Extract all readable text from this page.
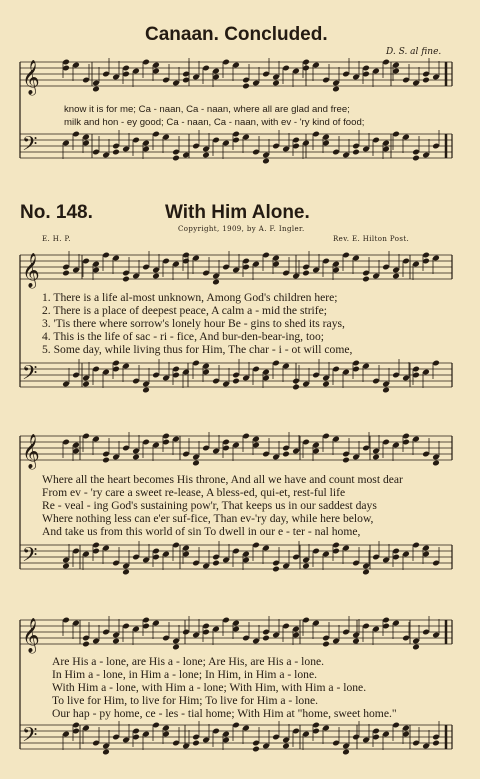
𝄞
𝄢
𝄞
𝄢
𝄞
𝄢
𝄞
𝄢
Canaan. Concluded.
D. S. al fine.
know it is for me; Ca - naan, Ca - naan, where all are glad and free;
milk and hon - ey good; Ca - naan, Ca - naan, with ev - 'ry kind of food;
No. 148.	With Him Alone.
Copyright, 1909, by A. F. Ingler.
E. H. P.	Rev. E. Hilton Post.
1. There is a life al-most unknown, Among God's children here;
2. There is a place of deepest peace, A calm a - mid the strife;
3. 'Tis there where sorrow's lonely hour Be - gins to shed its rays,
4. This is the life of sac - ri - fice, And bur-den-bear-ing, too;
5. Some day, while living thus for Him, The char - i - ot will come,
Where all the heart becomes His throne, And all we have and count most dear
From ev - 'ry care a sweet re-lease, A bless-ed, qui-et, rest-ful life
Re - veal - ing God's sustaining pow'r, That keeps us in our saddest days
Where nothing less can e'er suf-fice, Than ev-'ry day, while here below,
And take us from this world of sin To dwell in our e - ter - nal home,
Are His a - lone, are His a - lone; Are His, are His a - lone.
In Him a - lone, in Him a - lone; In Him, in Him a - lone.
With Him a - lone, with Him a - lone; With Him, with Him a - lone.
To live for Him, to live for Him; To live for Him a - lone.
Our hap - py home, ce - les - tial home; With Him at "home, sweet home."
